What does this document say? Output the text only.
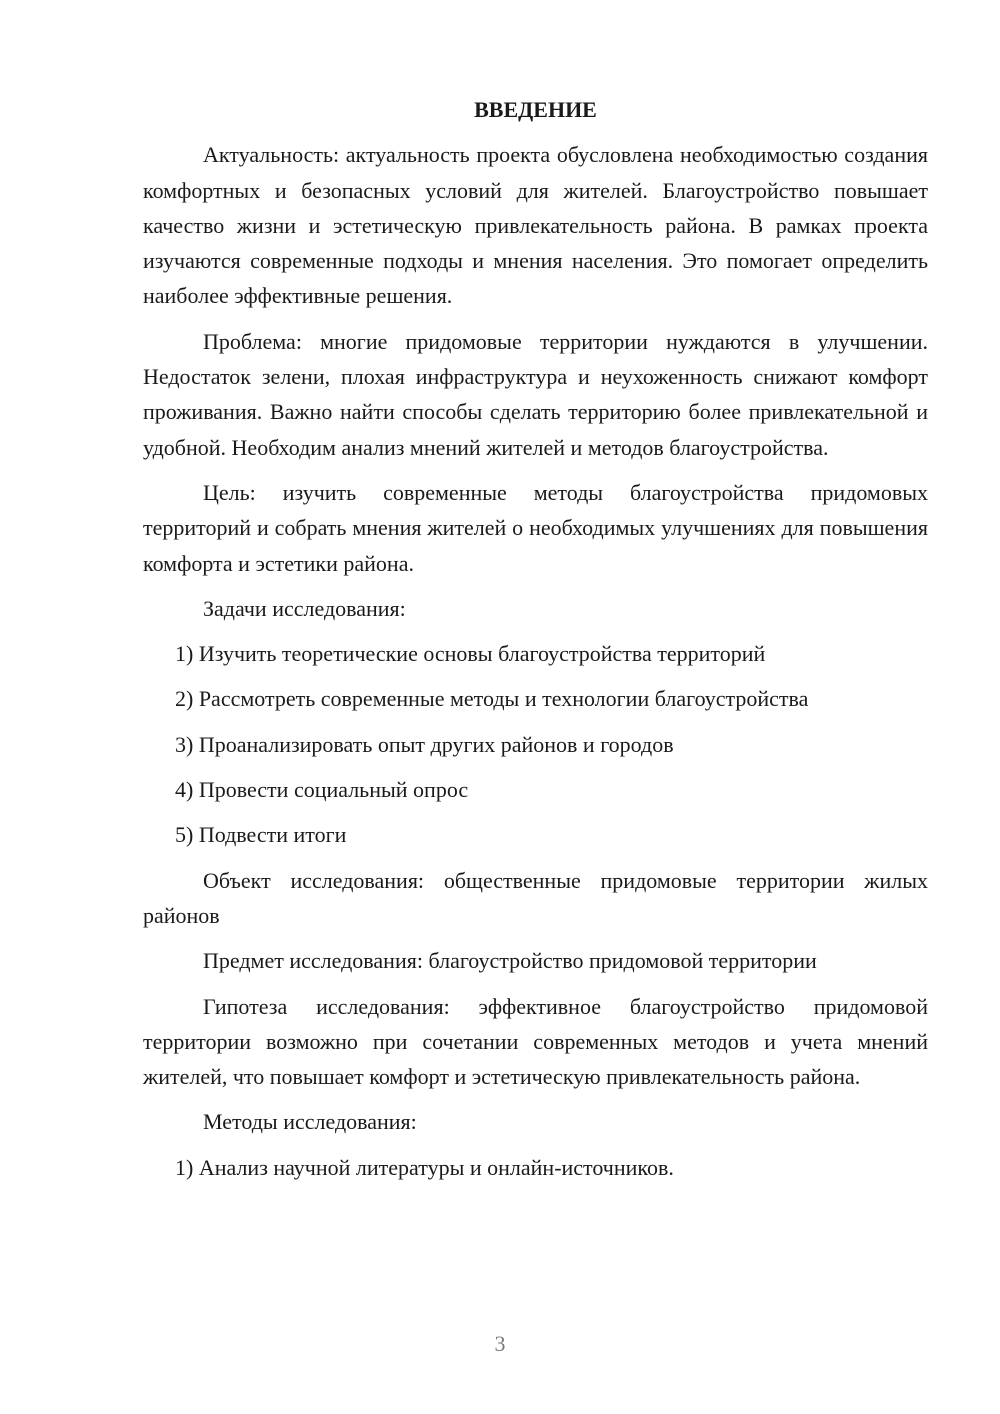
ВВЕДЕНИЕ

Актуальность: актуальность проекта обусловлена необходимостью создания комфортных и безопасных условий для жителей. Благоустройство повышает качество жизни и эстетическую привлекательность района. В рамках проекта изучаются современные подходы и мнения населения. Это помогает определить наиболее эффективные решения.

Проблема: многие придомовые территории нуждаются в улучшении. Недостаток зелени, плохая инфраструктура и неухоженность снижают комфорт проживания. Важно найти способы сделать территорию более привлекательной и удобной. Необходим анализ мнений жителей и методов благоустройства.

Цель: изучить современные методы благоустройства придомовых территорий и собрать мнения жителей о необходимых улучшениях для повышения комфорта и эстетики района.

Задачи исследования:

1) Изучить теоретические основы благоустройства территорий
2) Рассмотреть современные методы и технологии благоустройства
3) Проанализировать опыт других районов и городов
4) Провести социальный опрос
5) Подвести итоги

Объект исследования: общественные придомовые территории жилых районов

Предмет исследования: благоустройство придомовой территории

Гипотеза исследования: эффективное благоустройство придомовой территории возможно при сочетании современных методов и учета мнений жителей, что повышает комфорт и эстетическую привлекательность района.

Методы исследования:

1) Анализ научной литературы и онлайн-источников.
3
